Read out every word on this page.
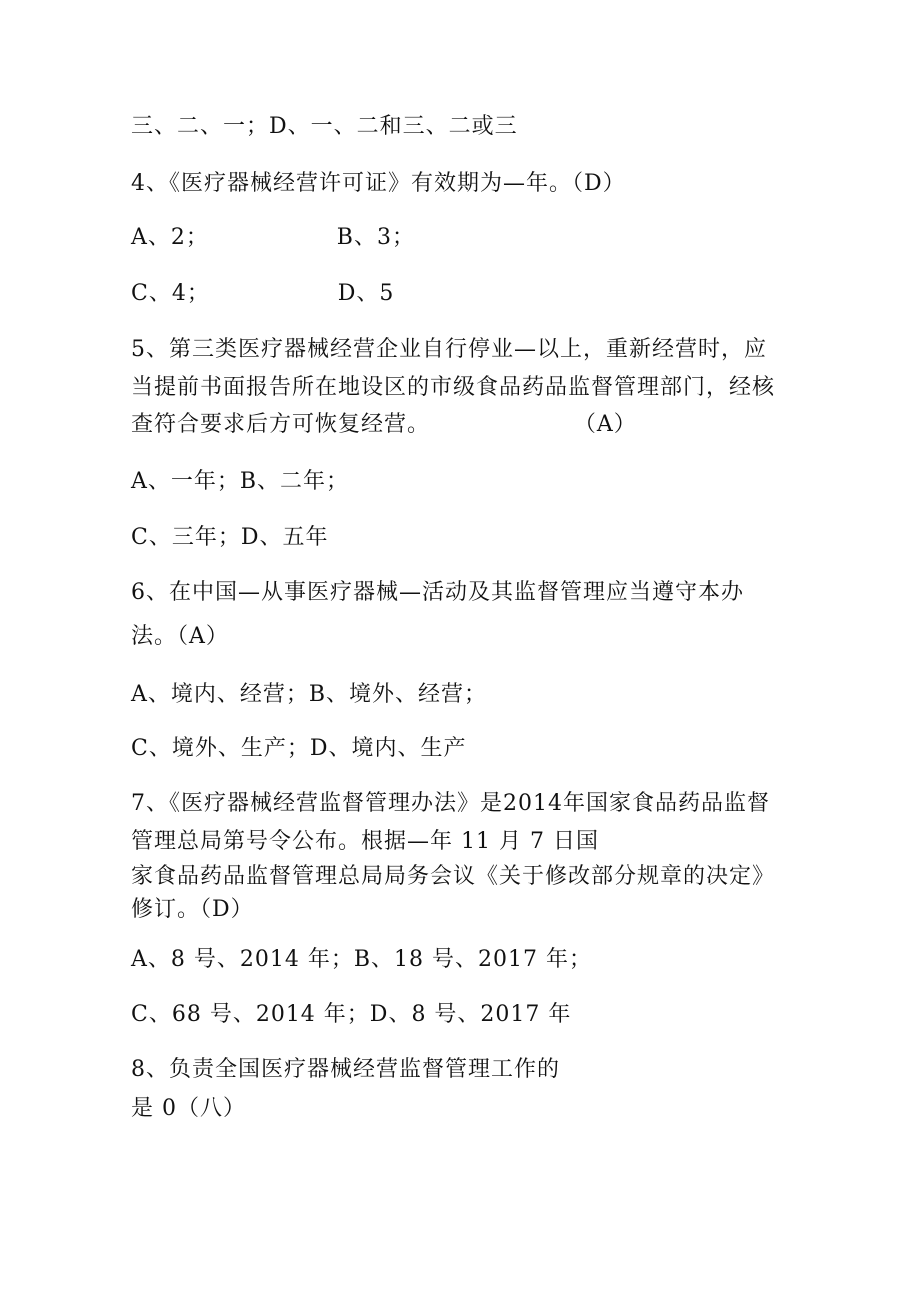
三、二、一；D、一、二和三、二或三
4、《医疗器械经营许可证》有效期为—年。（D）
A、2；                B、3；
C、4；                D、5
5、第三类医疗器械经营企业自行停业—以上，重新经营时，应
当提前书面报告所在地设区的市级食品药品监督管理部门，经核
查符合要求后方可恢复经营。                  （A）
A、一年；B、二年；
C、三年；D、五年
6、在中国—从事医疗器械—活动及其监督管理应当遵守本办
法。（A）
A、境内、经营；B、境外、经营；
C、境外、生产；D、境内、生产
7、《医疗器械经营监督管理办法》是2014年国家食品药品监督
管理总局第号令公布。根据—年 11 月 7 日国
家食品药品监督管理总局局务会议《关于修改部分规章的决定》
修订。（D）
A、8 号、2014 年；B、18 号、2017 年；
C、68 号、2014 年；D、8 号、2017 年
8、负责全国医疗器械经营监督管理工作的
是 0（八）
